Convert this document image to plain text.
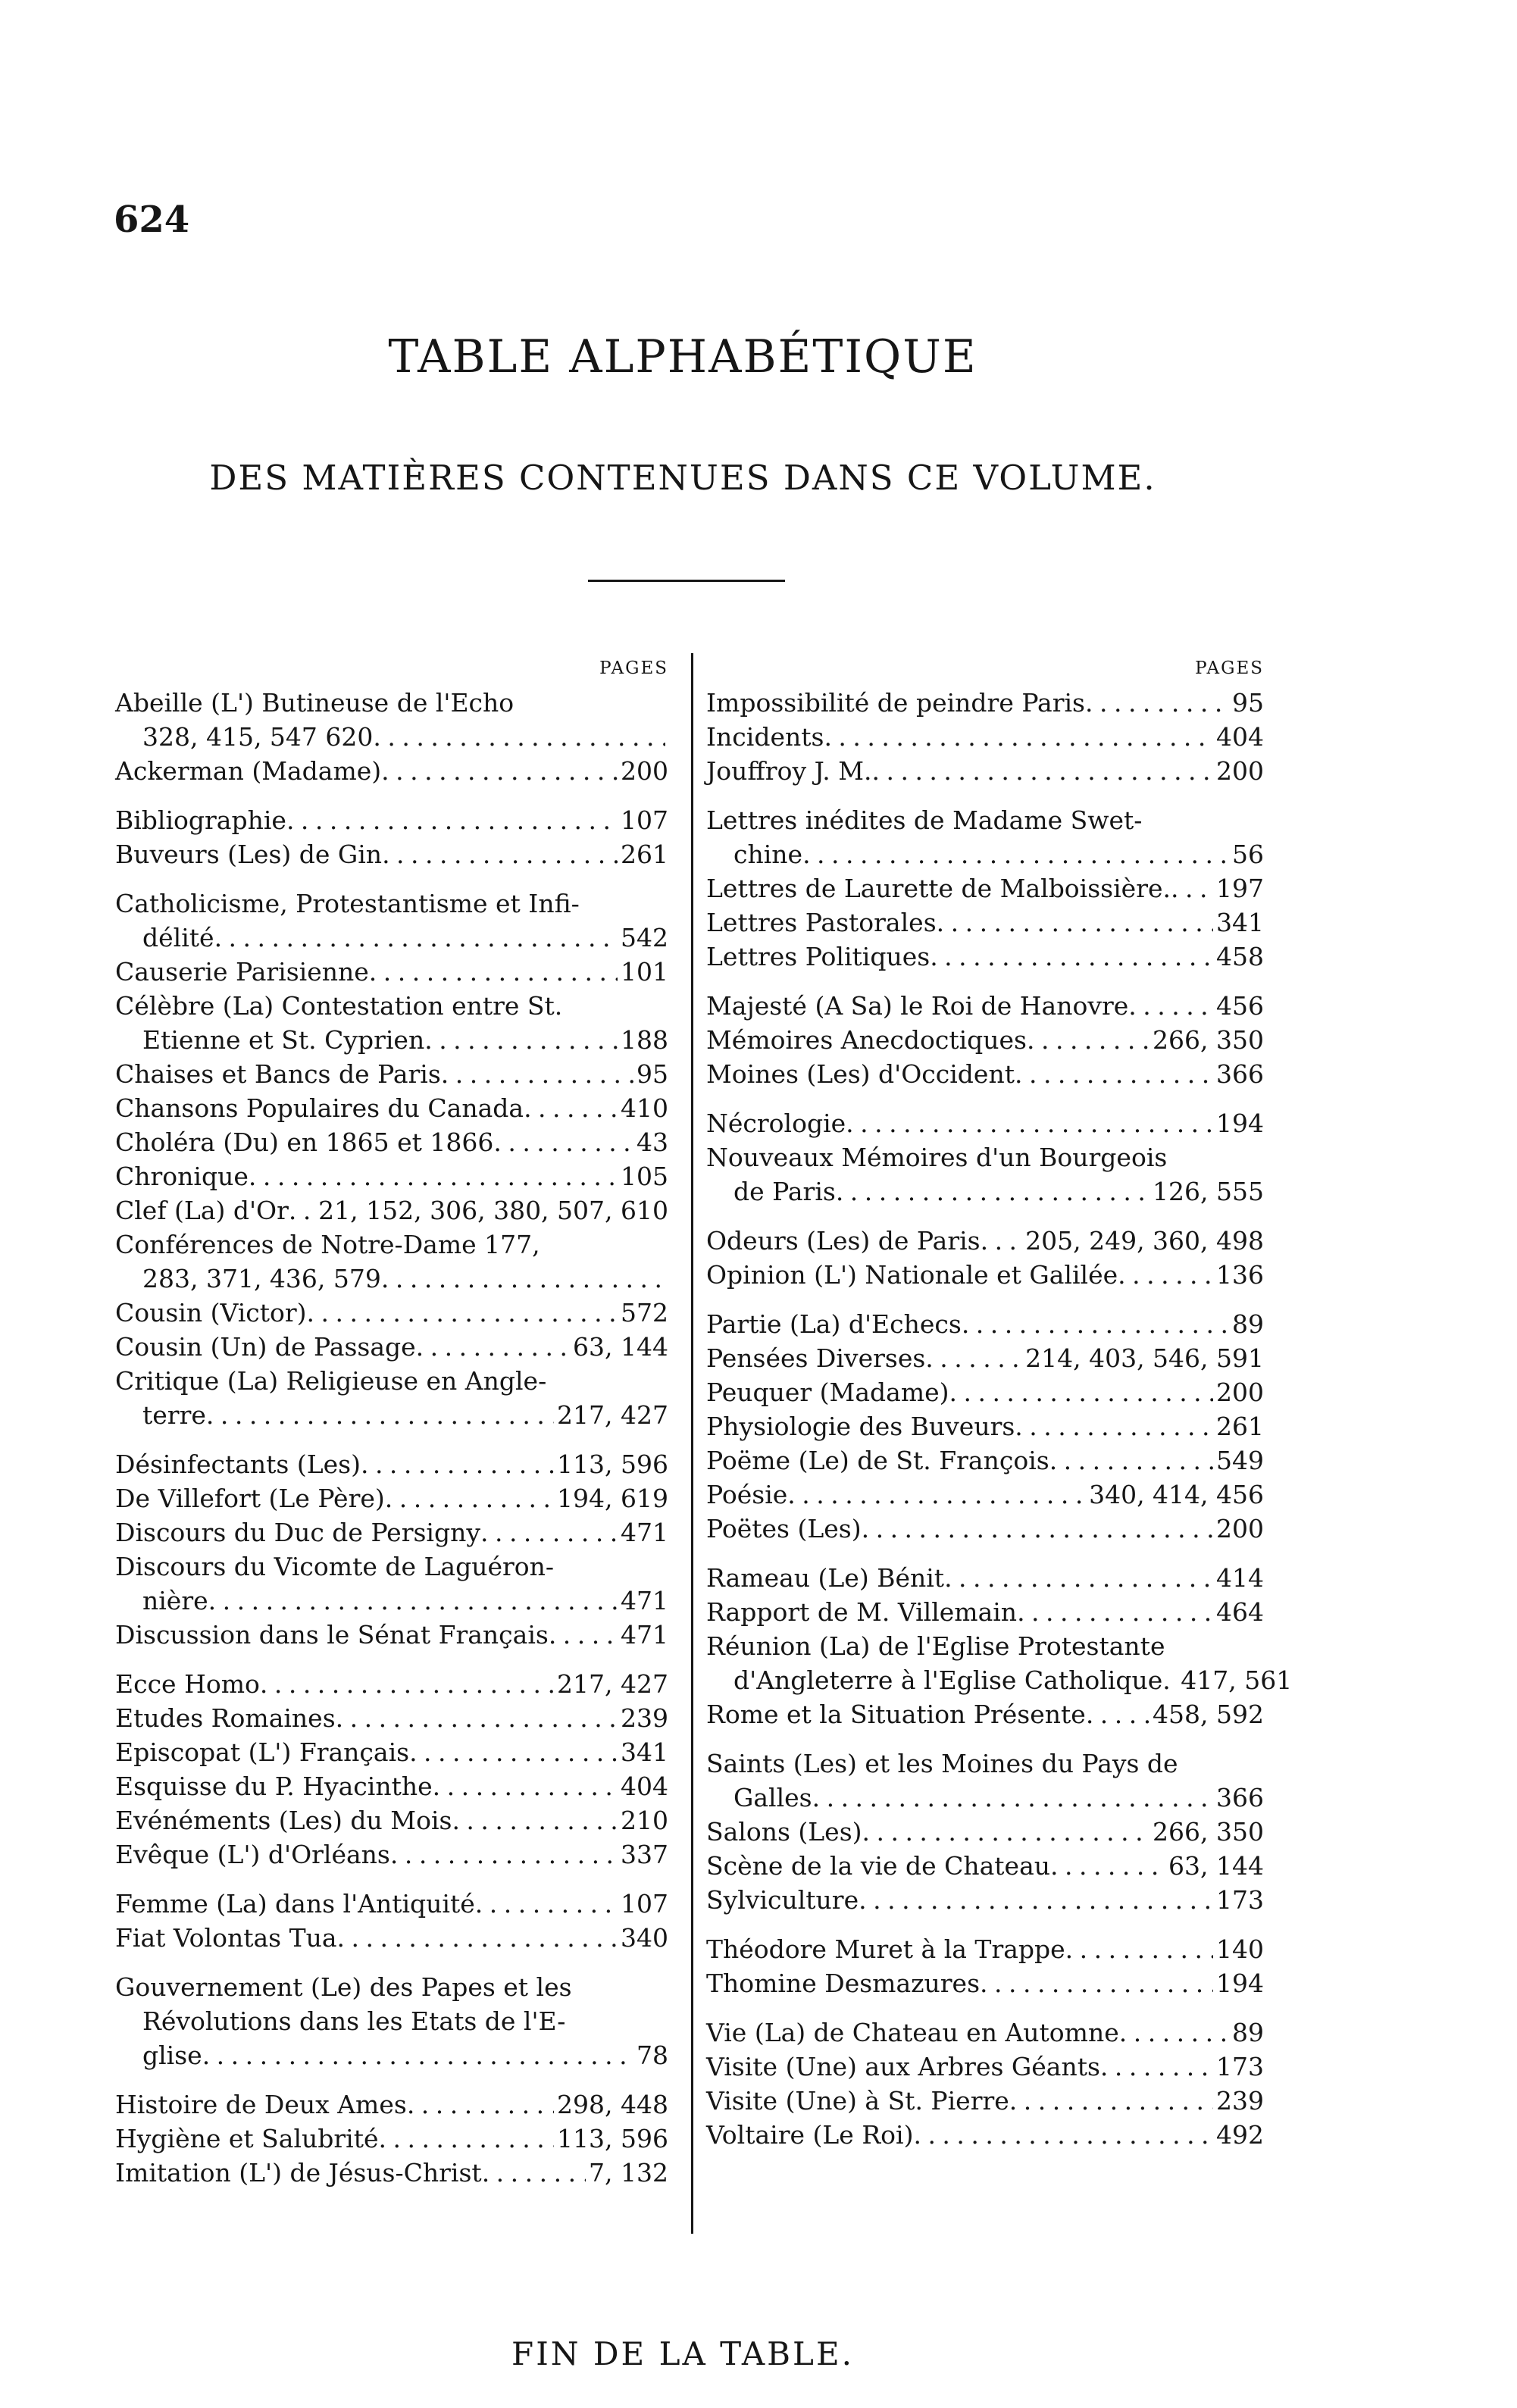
624
TABLE ALPHABÉTIQUE
DES MATIÈRES CONTENUES DANS CE VOLUME.
PAGES
Abeille (L') Butineuse de l'Echo
328, 415, 547 620
. . .
Ackerman (Madame) . . .	200
Bibliographie . . .	107
Buveurs (Les) de Gin . . .	261
Catholicisme, Protestantisme et Infi-
délité . . .	542
Causerie Parisienne . . .	101
Célèbre (La) Contestation entre St.
Etienne et St. Cyprien . . .	188
Chaises et Bancs de Paris . . .	95
Chansons Populaires du Canada . . .	410
Choléra (Du) en 1865 et 1866 . . .	43
Chronique . . .	105
Clef (La) d'Or . . . 21, 152, 306, 380, 507, 610
Conférences de Notre-Dame 177,
283, 371, 436, 579
. . .
Cousin (Victor) . . .	572
Cousin (Un) de Passage . . .	63, 144
Critique (La) Religieuse en Angle-
terre . . .	217, 427
Désinfectants (Les) . . .	113, 596
De Villefort (Le Père) . . .	194, 619
Discours du Duc de Persigny . . .	471
Discours du Vicomte de Laguéron-
nière . . .	471
Discussion dans le Sénat Français . . .	471
Ecce Homo . . .	217, 427
Etudes Romaines . . .	239
Episcopat (L') Français . . .	341
Esquisse du P. Hyacinthe . . .	404
Evénéments (Les) du Mois . . .	210
Evêque (L') d'Orléans . . .	337
Femme (La) dans l'Antiquité . . .	107
Fiat Volontas Tua . . .	340
Gouvernement (Le) des Papes et les
Révolutions dans les Etats de l'E-
glise . . .	78
Histoire de Deux Ames . . .	298, 448
Hygiène et Salubrité . . .	113, 596
Imitation (L') de Jésus-Christ . . .	7, 132
PAGES
Impossibilité de peindre Paris . . .	95
Incidents . . .	404
Jouffroy J. M. . . .	200
Lettres inédites de Madame Swet-
chine . . .	56
Lettres de Laurette de Malboissière. . . . 197
Lettres Pastorales . . .	341
Lettres Politiques . . .	458
Majesté (A Sa) le Roi de Hanovre . . .	456
Mémoires Anecdoctiques . . .	266, 350
Moines (Les) d'Occident . . .	366
Nécrologie . . .	194
Nouveaux Mémoires d'un Bourgeois
de Paris . . .	126, 555
Odeurs (Les) de Paris . . . 205, 249, 360, 498
Opinion (L') Nationale et Galilée . . .	136
Partie (La) d'Echecs . . .	89
Pensées Diverses . . .	214, 403, 546, 591
Peuquer (Madame) . . .	200
Physiologie des Buveurs . . .	261
Poëme (Le) de St. François . . .	549
Poésie . . .	340, 414, 456
Poëtes (Les) . . .	200
Rameau (Le) Bénit . . .	414
Rapport de M. Villemain . . .	464
Réunion (La) de l'Eglise Protestante
d'Angleterre à l'Eglise Catholique . . . 417, 561
Rome et la Situation Présente . . .	458, 592
Saints (Les) et les Moines du Pays de
Galles . . .	366
Salons (Les) . . .	266, 350
Scène de la vie de Chateau . . .	63, 144
Sylviculture . . .	173
Théodore Muret à la Trappe . . .	140
Thomine Desmazures . . .	194
Vie (La) de Chateau en Automne . . .	89
Visite (Une) aux Arbres Géants . . .	173
Visite (Une) à St. Pierre . . .	239
Voltaire (Le Roi) . . .	492
FIN DE LA TABLE.
